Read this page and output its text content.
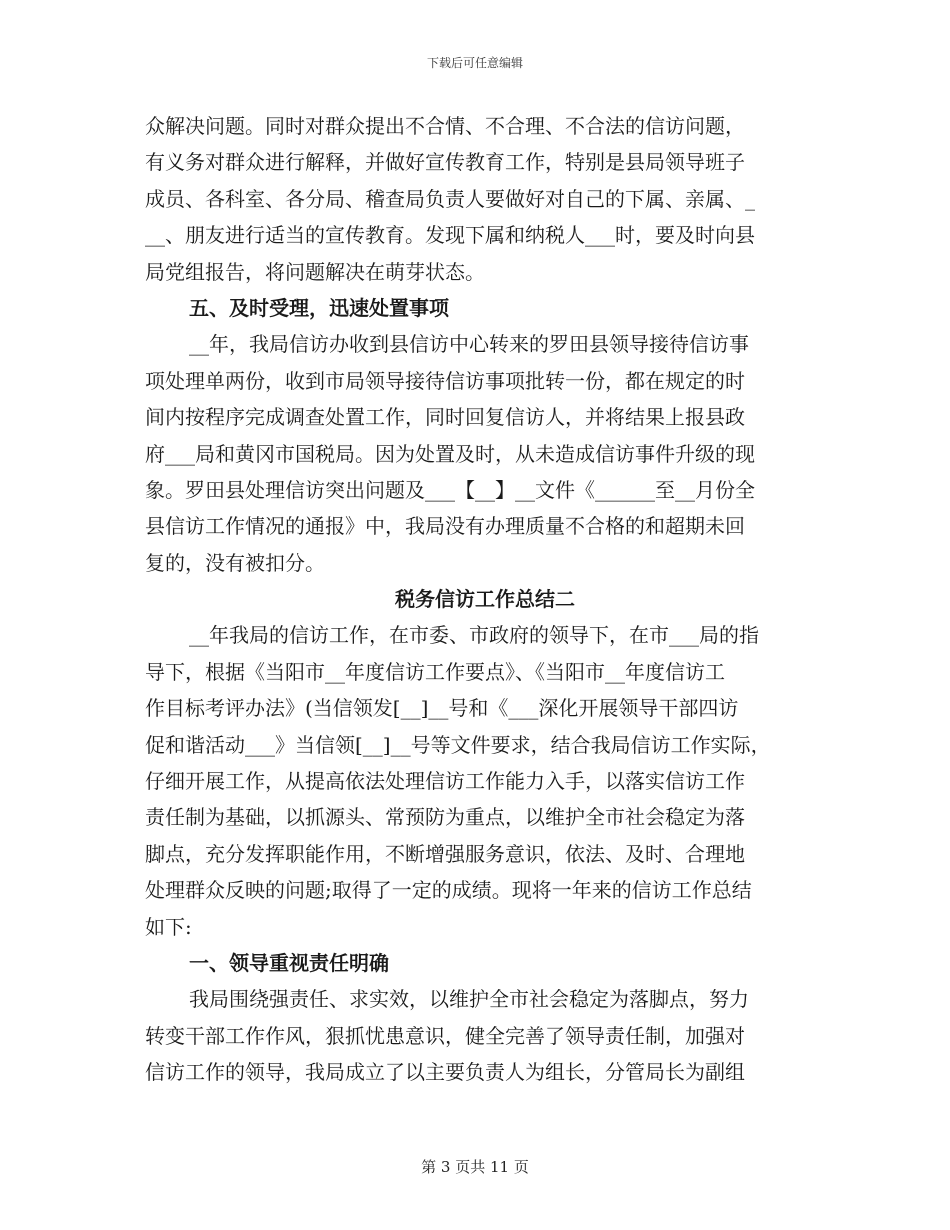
下载后可任意编辑
众解决问题。同时对群众提出不合情、不合理、不合法的信访问题，
有义务对群众进行解释，并做好宣传教育工作，特别是县局领导班子
成员、各科室、各分局、稽查局负责人要做好对自己的下属、亲属、_
__、朋友进行适当的宣传教育。发现下属和纳税人___时，要及时向县
局党组报告，将问题解决在萌芽状态。
五、及时受理，迅速处置事项
__年，我局信访办收到县信访中心转来的罗田县领导接待信访事
项处理单两份，收到市局领导接待信访事项批转一份，都在规定的时
间内按程序完成调查处置工作，同时回复信访人，并将结果上报县政
府___局和黄冈市国税局。因为处置及时，从未造成信访事件升级的现
象。罗田县处理信访突出问题及___【__】__文件《______至__月份全
县信访工作情况的通报》中，我局没有办理质量不合格的和超期未回
复的，没有被扣分。
税务信访工作总结二
__年我局的信访工作，在市委、市政府的领导下，在市___局的指
导下，根据《当阳市__年度信访工作要点》、《当阳市__年度信访工
作目标考评办法》(当信领发[__]__号和《___深化开展领导干部四访
促和谐活动___》当信领[__]__号等文件要求，结合我局信访工作实际，
仔细开展工作，从提高依法处理信访工作能力入手，以落实信访工作
责任制为基础，以抓源头、常预防为重点，以维护全市社会稳定为落
脚点，充分发挥职能作用，不断增强服务意识，依法、及时、合理地
处理群众反映的问题;取得了一定的成绩。现将一年来的信访工作总结
如下:
一、领导重视责任明确
我局围绕强责任、求实效，以维护全市社会稳定为落脚点，努力
转变干部工作作风，狠抓忧患意识，健全完善了领导责任制，加强对
信访工作的领导，我局成立了以主要负责人为组长，分管局长为副组
第 3 页共 11 页
